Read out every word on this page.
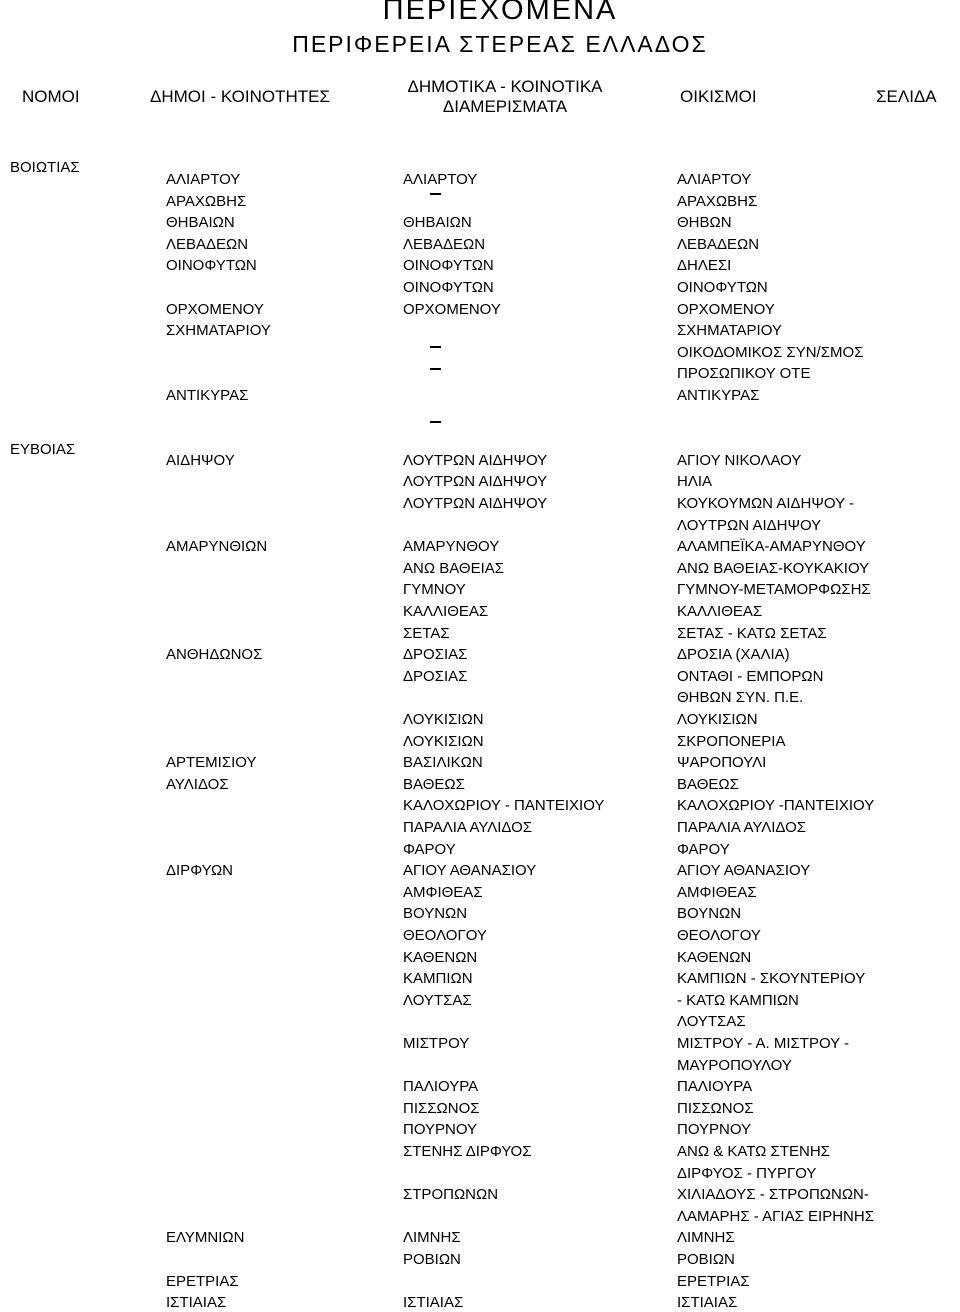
ΠΕΡΙΕΧΟΜΕΝΑ
ΠΕΡΙΦΕΡΕΙΑ ΣΤΕΡΕΑΣ ΕΛΛΑΔΟΣ
ΝΟΜΟΙ	ΔΗΜΟΙ - ΚΟΙΝΟΤΗΤΕΣ
ΔΗΜΟΤΙΚΑ - ΚΟΙΝΟΤΙΚΑ
ΔΙΑΜΕΡΙΣΜΑΤΑ
ΟΙΚΙΣΜΟΙ	ΣΕΛΙΔΑ
ΒΟΙΩΤΙΑΣ
ΕΥΒΟΙΑΣ
ΑΛΙΑΡΤΟΥ
ΑΡΑΧΩΒΗΣ
ΘΗΒΑΙΩΝ
ΛΕΒΑΔΕΩΝ
ΟΙΝΟΦΥΤΩΝ
ΟΡΧΟΜΕΝΟΥ
ΣΧΗΜΑΤΑΡΙΟΥ
ΑΝΤΙΚΥΡΑΣ
ΑΙΔΗΨΟΥ
ΑΜΑΡΥΝΘΙΩΝ
ΑΝΘΗΔΩΝΟΣ
ΑΡΤΕΜΙΣΙΟΥ
ΑΥΛΙΔΟΣ
ΔΙΡΦΥΩΝ
ΕΛΥΜΝΙΩΝ
ΕΡΕΤΡΙΑΣ
ΙΣΤΙΑΙΑΣ
ΑΛΙΑΡΤΟΥ
ΘΗΒΑΙΩΝ
ΛΕΒΑΔΕΩΝ
ΟΙΝΟΦΥΤΩΝ
ΟΙΝΟΦΥΤΩΝ
ΟΡΧΟΜΕΝΟΥ
ΛΟΥΤΡΩΝ ΑΙΔΗΨΟΥ
ΛΟΥΤΡΩΝ ΑΙΔΗΨΟΥ
ΛΟΥΤΡΩΝ ΑΙΔΗΨΟΥ
ΑΜΑΡΥΝΘΟΥ
ΑΝΩ ΒΑΘΕΙΑΣ
ΓΥΜΝΟΥ
ΚΑΛΛΙΘΕΑΣ
ΣΕΤΑΣ
ΔΡΟΣΙΑΣ
ΔΡΟΣΙΑΣ
ΛΟΥΚΙΣΙΩΝ
ΛΟΥΚΙΣΙΩΝ
ΒΑΣΙΛΙΚΩΝ
ΒΑΘΕΩΣ
ΚΑΛΟΧΩΡΙΟΥ - ΠΑΝΤΕΙΧΙΟΥ
ΠΑΡΑΛΙΑ ΑΥΛΙΔΟΣ
ΦΑΡΟΥ
ΑΓΙΟΥ ΑΘΑΝΑΣΙΟΥ
ΑΜΦΙΘΕΑΣ
ΒΟΥΝΩΝ
ΘΕΟΛΟΓΟΥ
ΚΑΘΕΝΩΝ
ΚΑΜΠΙΩΝ
ΛΟΥΤΣΑΣ
ΜΙΣΤΡΟΥ
ΠΑΛΙΟΥΡΑ
ΠΙΣΣΩΝΟΣ
ΠΟΥΡΝΟΥ
ΣΤΕΝΗΣ ΔΙΡΦΥΟΣ
ΣΤΡΟΠΩΝΩΝ
ΛΙΜΝΗΣ
ΡΟΒΙΩΝ
ΙΣΤΙΑΙΑΣ
ΑΛΙΑΡΤΟΥ
ΑΡΑΧΩΒΗΣ
ΘΗΒΩΝ
ΛΕΒΑΔΕΩΝ
ΔΗΛΕΣΙ
ΟΙΝΟΦΥΤΩΝ
ΟΡΧΟΜΕΝΟΥ
ΣΧΗΜΑΤΑΡΙΟΥ
ΟΙΚΟΔΟΜΙΚΟΣ ΣΥΝ/ΣΜΟΣ
ΠΡΟΣΩΠΙΚΟΥ ΟΤΕ
ΑΝΤΙΚΥΡΑΣ
ΑΓΙΟΥ ΝΙΚΟΛΑΟΥ
ΗΛΙΑ
ΚΟΥΚΟΥΜΩΝ ΑΙΔΗΨΟΥ -
ΛΟΥΤΡΩΝ ΑΙΔΗΨΟΥ
ΑΛΑΜΠΕΪΚΑ-ΑΜΑΡΥΝΘΟΥ
ΑΝΩ ΒΑΘΕΙΑΣ-ΚΟΥΚΑΚΙΟΥ
ΓΥΜΝΟΥ-ΜΕΤΑΜΟΡΦΩΣΗΣ
ΚΑΛΛΙΘΕΑΣ
ΣΕΤΑΣ - ΚΑΤΩ ΣΕΤΑΣ
ΔΡΟΣΙΑ (ΧΑΛΙΑ)
ΟΝΤΑΘΙ - ΕΜΠΟΡΩΝ
ΘΗΒΩΝ ΣΥΝ. Π.Ε.
ΛΟΥΚΙΣΙΩΝ
ΣΚΡΟΠΟΝΕΡΙΑ
ΨΑΡΟΠΟΥΛΙ
ΒΑΘΕΩΣ
ΚΑΛΟΧΩΡΙΟΥ -ΠΑΝΤΕΙΧΙΟΥ
ΠΑΡΑΛΙΑ ΑΥΛΙΔΟΣ
ΦΑΡΟΥ
ΑΓΙΟΥ ΑΘΑΝΑΣΙΟΥ
ΑΜΦΙΘΕΑΣ
ΒΟΥΝΩΝ
ΘΕΟΛΟΓΟΥ
ΚΑΘΕΝΩΝ
ΚΑΜΠΙΩΝ - ΣΚΟΥΝΤΕΡΙΟΥ
- ΚΑΤΩ ΚΑΜΠΙΩΝ
ΛΟΥΤΣΑΣ
ΜΙΣΤΡΟΥ - Α. ΜΙΣΤΡΟΥ -
ΜΑΥΡΟΠΟΥΛΟΥ
ΠΑΛΙΟΥΡΑ
ΠΙΣΣΩΝΟΣ
ΠΟΥΡΝΟΥ
ΑΝΩ & ΚΑΤΩ ΣΤΕΝΗΣ
ΔΙΡΦΥΟΣ - ΠΥΡΓΟΥ
ΧΙΛΙΑΔΟΥΣ - ΣΤΡΟΠΩΝΩΝ-
ΛΑΜΑΡΗΣ - ΑΓΙΑΣ ΕΙΡΗΝΗΣ
ΛΙΜΝΗΣ
ΡΟΒΙΩΝ
ΕΡΕΤΡΙΑΣ
ΙΣΤΙΑΙΑΣ
